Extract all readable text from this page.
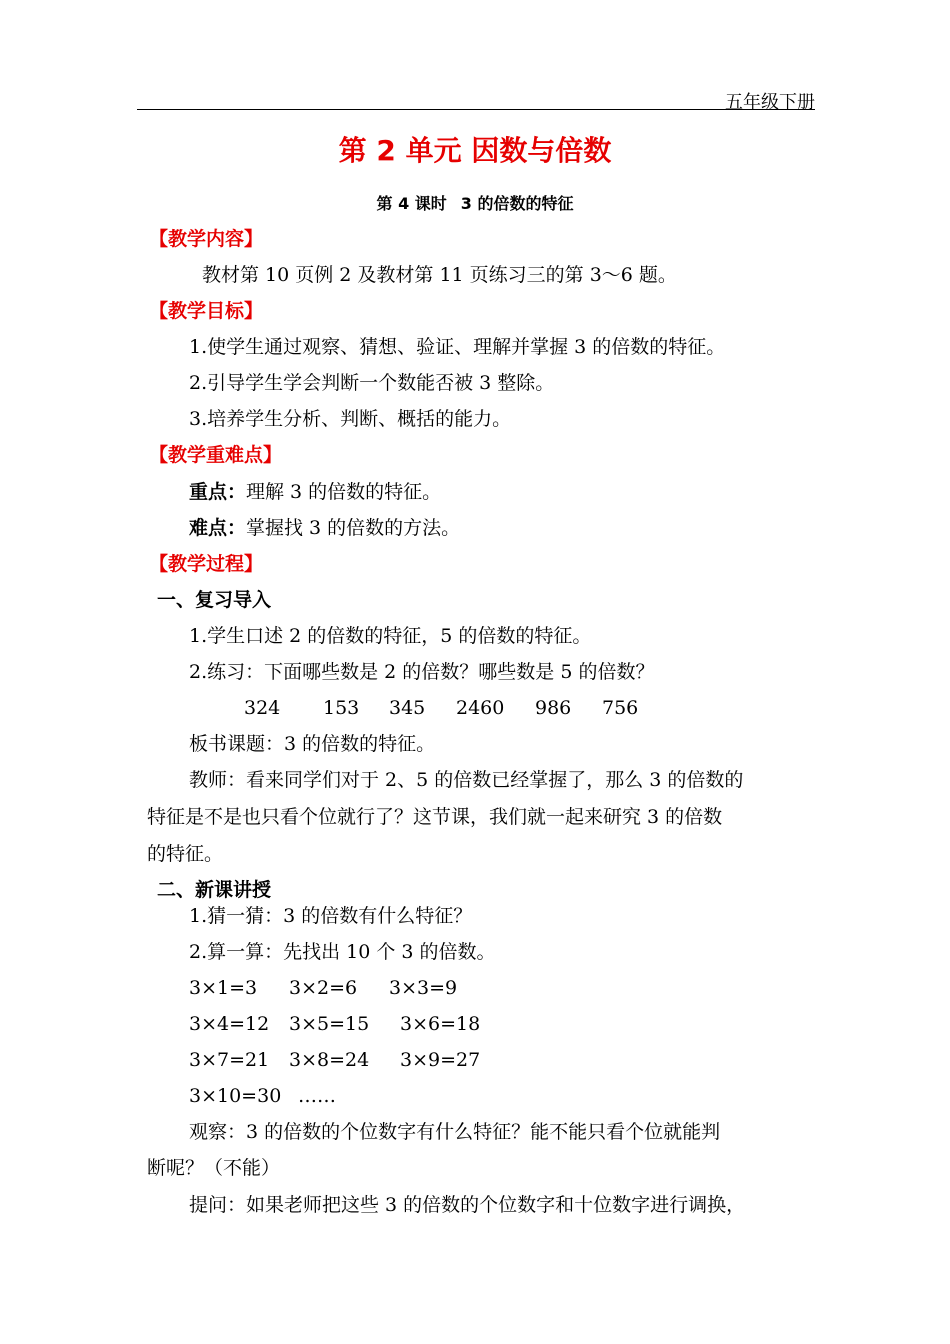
五年级下册
第 2 单元 因数与倍数
第 4 课时 3 的倍数的特征
【教学内容】
教材第 10 页例 2 及教材第 11 页练习三的第 3～6 题。
【教学目标】
1.使学生通过观察、猜想、验证、理解并掌握 3 的倍数的特征。
2.引导学生学会判断一个数能否被 3 整除。
3.培养学生分析、判断、概括的能力。
【教学重难点】
重点：理解 3 的倍数的特征。
难点：掌握找 3 的倍数的方法。
【教学过程】
一、复习导入
1.学生口述 2 的倍数的特征，5 的倍数的特征。
2.练习：下面哪些数是 2 的倍数？哪些数是 5 的倍数？
324 153 345 2460 986 756
板书课题：3 的倍数的特征。
教师：看来同学们对于 2、5 的倍数已经掌握了，那么 3 的倍数的
特征是不是也只看个位就行了？这节课，我们就一起来研究 3 的倍数
的特征。
二、新课讲授
1.猜一猜：3 的倍数有什么特征？
2.算一算：先找出 10 个 3 的倍数。
3×1=3 3×2=6 3×3=9
3×4=12 3×5=15 3×6=18
3×7=21 3×8=24 3×9=27
3×10=30 ……
观察：3 的倍数的个位数字有什么特征？能不能只看个位就能判
断呢？（不能）
提问：如果老师把这些 3 的倍数的个位数字和十位数字进行调换，
